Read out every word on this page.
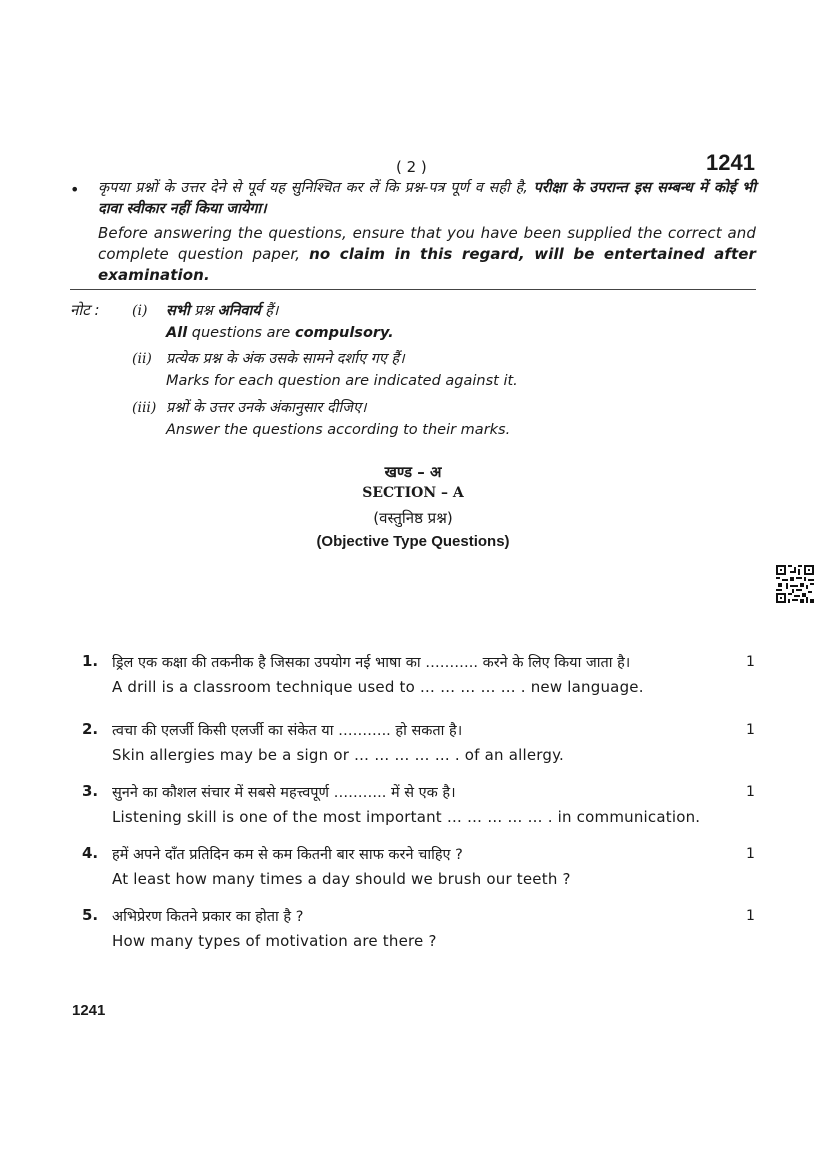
( 2 )	1241
• कृपया प्रश्नों के उत्तर देने से पूर्व यह सुनिश्चित कर लें कि प्रश्न-पत्र पूर्ण व सही है, परीक्षा के उपरान्त इस सम्बन्ध में कोई भी दावा स्वीकार नहीं किया जायेगा।
Before answering the questions, ensure that you have been supplied the correct and complete question paper, no claim in this regard, will be entertained after examination.
नोट : (i) सभी प्रश्न अनिवार्य हैं।
All questions are compulsory.
(ii) प्रत्येक प्रश्न के अंक उसके सामने दर्शाए गए हैं।
Marks for each question are indicated against it.
(iii) प्रश्नों के उत्तर उनके अंकानुसार दीजिए।
Answer the questions according to their marks.
खण्ड – अ
SECTION – A
(वस्तुनिष्ठ प्रश्न)
(Objective Type Questions)
1. ड्रिल एक कक्षा की तकनीक है जिसका उपयोग नई भाषा का ……….. करने के लिए किया जाता है।
A drill is a classroom technique used to … … … … … . new language.
1
2. त्वचा की एलर्जी किसी एलर्जी का संकेत या ……….. हो सकता है।
Skin allergies may be a sign or … … … … … . of an allergy.
1
3. सुनने का कौशल संचार में सबसे महत्त्वपूर्ण ……….. में से एक है।
Listening skill is one of the most important … … … … … . in communication.
1
4. हमें अपने दाँत प्रतिदिन कम से कम कितनी बार साफ करने चाहिए ?
At least how many times a day should we brush our teeth ?
1
5. अभिप्रेरण कितने प्रकार का होता है ?
How many types of motivation are there ?
1
1241
